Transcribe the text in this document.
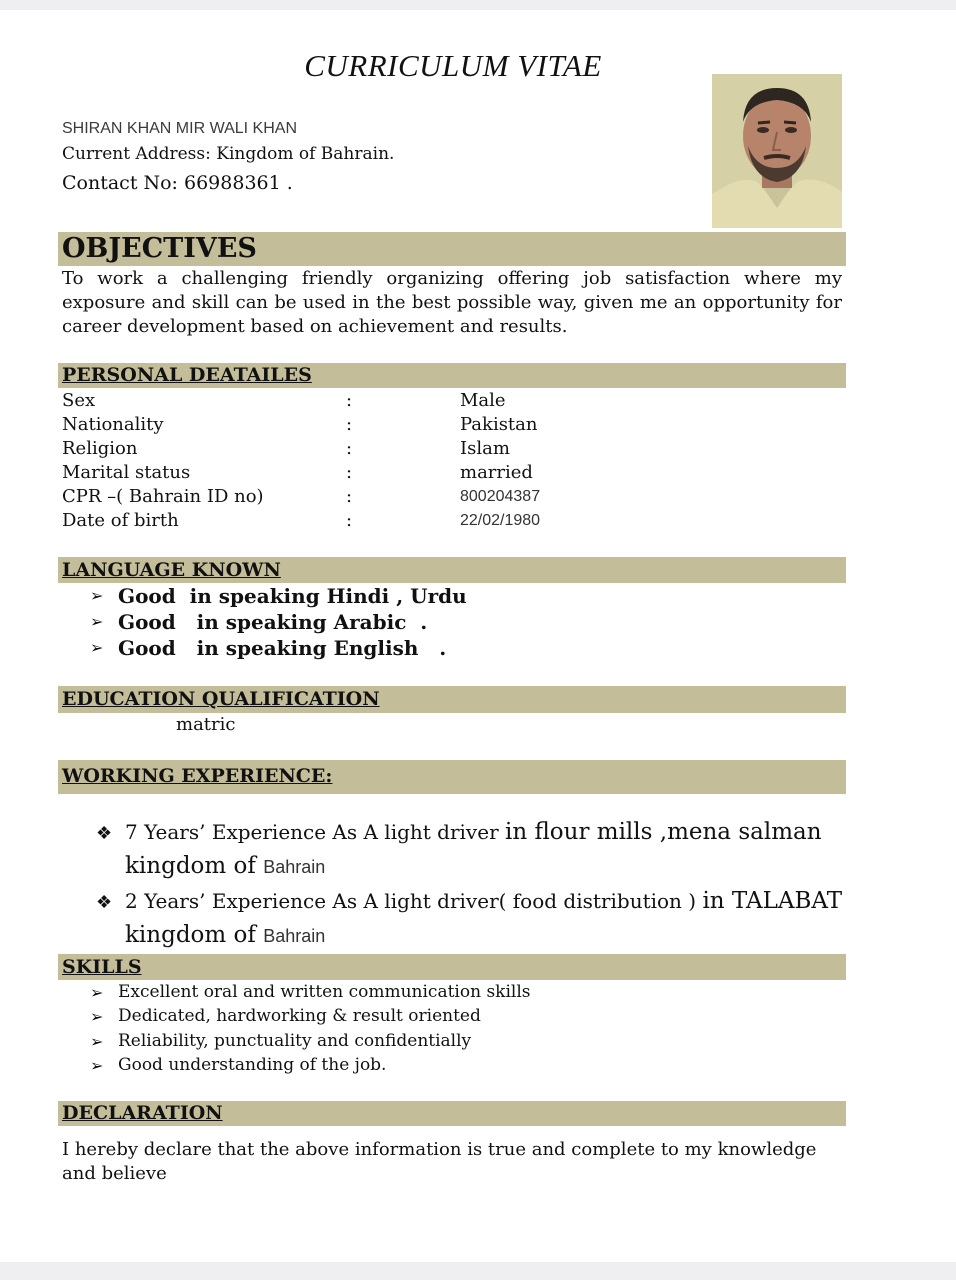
CURRICULUM VITAE
SHIRAN KHAN MIR WALI KHAN
Current Address: Kingdom of Bahrain.
Contact No: 66988361 .
OBJECTIVES
To work a challenging friendly organizing offering job satisfaction where my exposure and skill can be used in the best possible way, given me an opportunity for career development based on achievement and results.
PERSONAL DEATAILES
Sex	:	Male
Nationality	:	Pakistan
Religion	:	Islam
Marital status	:	married
CPR –( Bahrain ID no)	:	800204387
Date of birth	:	22/02/1980
LANGUAGE KNOWN
➢ Good  in speaking Hindi , Urdu
➢ Good   in speaking Arabic  .
➢ Good   in speaking English   .
EDUCATION QUALIFICATION
matric
WORKING EXPERIENCE:
❖ 7 Years’ Experience As A light driver in flour mills ,mena salman
kingdom of Bahrain
❖ 2 Years’ Experience As A light driver( food distribution ) in TALABAT
kingdom of Bahrain
SKILLS
➢ Excellent oral and written communication skills
➢ Dedicated, hardworking & result oriented
➢ Reliability, punctuality and confidentially
➢ Good understanding of the job.
DECLARATION
I hereby declare that the above information is true and complete to my knowledge and believe
